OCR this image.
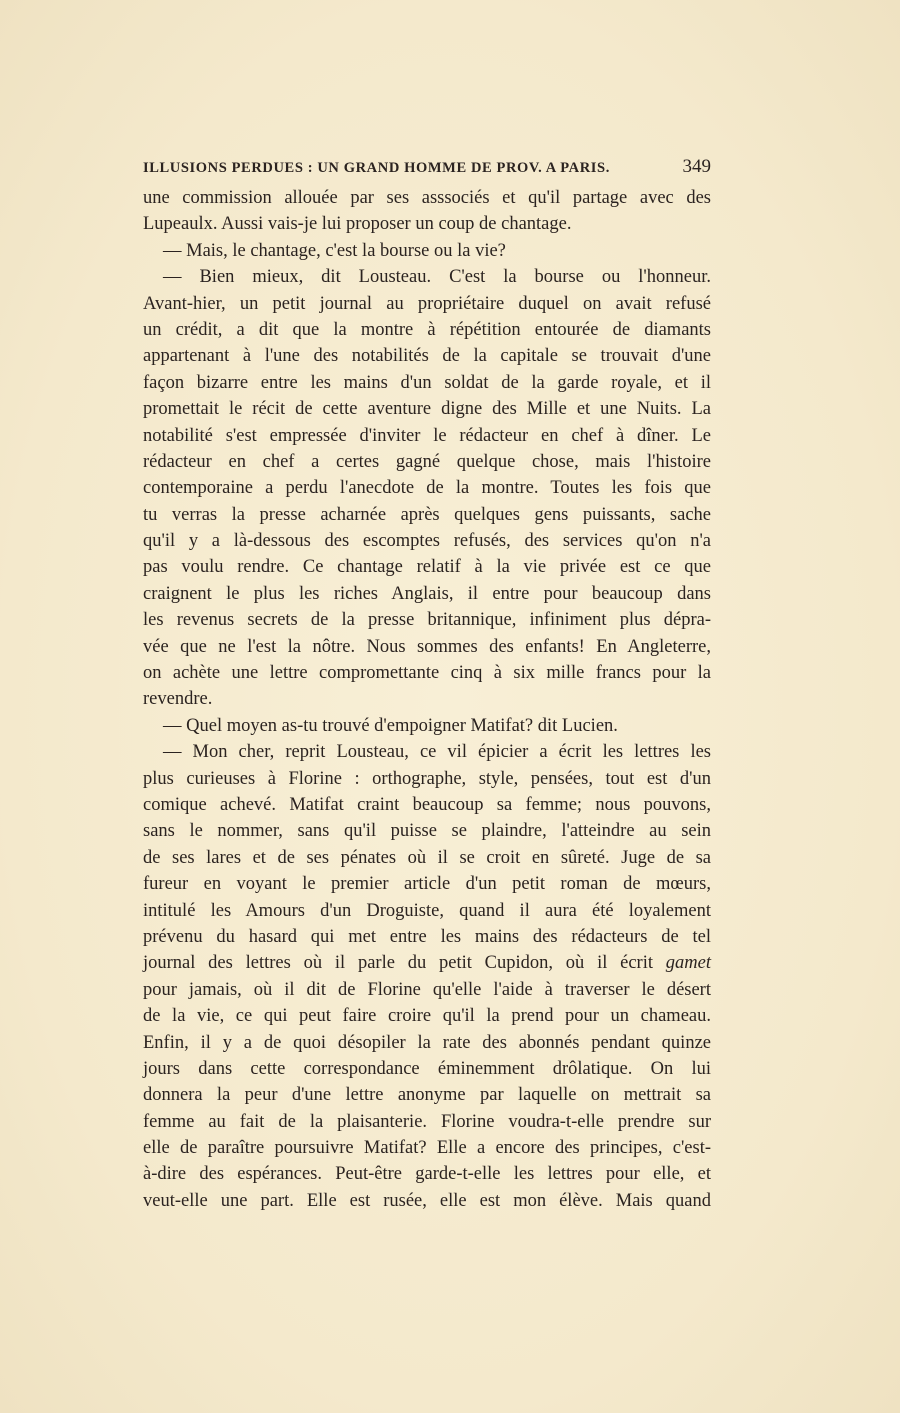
ILLUSIONS PERDUES : UN GRAND HOMME DE PROV. A PARIS.	349
une commission allouée par ses asssociés et qu'il partage avec des
Lupeaulx. Aussi vais-je lui proposer un coup de chantage.
— Mais, le chantage, c'est la bourse ou la vie?
— Bien mieux, dit Lousteau. C'est la bourse ou l'honneur.
Avant-hier, un petit journal au propriétaire duquel on avait refusé
un crédit, a dit que la montre à répétition entourée de diamants
appartenant à l'une des notabilités de la capitale se trouvait d'une
façon bizarre entre les mains d'un soldat de la garde royale, et il
promettait le récit de cette aventure digne des Mille et une Nuits. La
notabilité s'est empressée d'inviter le rédacteur en chef à dîner. Le
rédacteur en chef a certes gagné quelque chose, mais l'histoire
contemporaine a perdu l'anecdote de la montre. Toutes les fois que
tu verras la presse acharnée après quelques gens puissants, sache
qu'il y a là-dessous des escomptes refusés, des services qu'on n'a
pas voulu rendre. Ce chantage relatif à la vie privée est ce que
craignent le plus les riches Anglais, il entre pour beaucoup dans
les revenus secrets de la presse britannique, infiniment plus dépra-
vée que ne l'est la nôtre. Nous sommes des enfants! En Angleterre,
on achète une lettre compromettante cinq à six mille francs pour la
revendre.
— Quel moyen as-tu trouvé d'empoigner Matifat? dit Lucien.
— Mon cher, reprit Lousteau, ce vil épicier a écrit les lettres les
plus curieuses à Florine : orthographe, style, pensées, tout est d'un
comique achevé. Matifat craint beaucoup sa femme; nous pouvons,
sans le nommer, sans qu'il puisse se plaindre, l'atteindre au sein
de ses lares et de ses pénates où il se croit en sûreté. Juge de sa
fureur en voyant le premier article d'un petit roman de mœurs,
intitulé les Amours d'un Droguiste, quand il aura été loyalement
prévenu du hasard qui met entre les mains des rédacteurs de tel
journal des lettres où il parle du petit Cupidon, où il écrit gamet
pour jamais, où il dit de Florine qu'elle l'aide à traverser le désert
de la vie, ce qui peut faire croire qu'il la prend pour un chameau.
Enfin, il y a de quoi désopiler la rate des abonnés pendant quinze
jours dans cette correspondance éminemment drôlatique. On lui
donnera la peur d'une lettre anonyme par laquelle on mettrait sa
femme au fait de la plaisanterie. Florine voudra-t-elle prendre sur
elle de paraître poursuivre Matifat? Elle a encore des principes, c'est-
à-dire des espérances. Peut-être garde-t-elle les lettres pour elle, et
veut-elle une part. Elle est rusée, elle est mon élève. Mais quand
